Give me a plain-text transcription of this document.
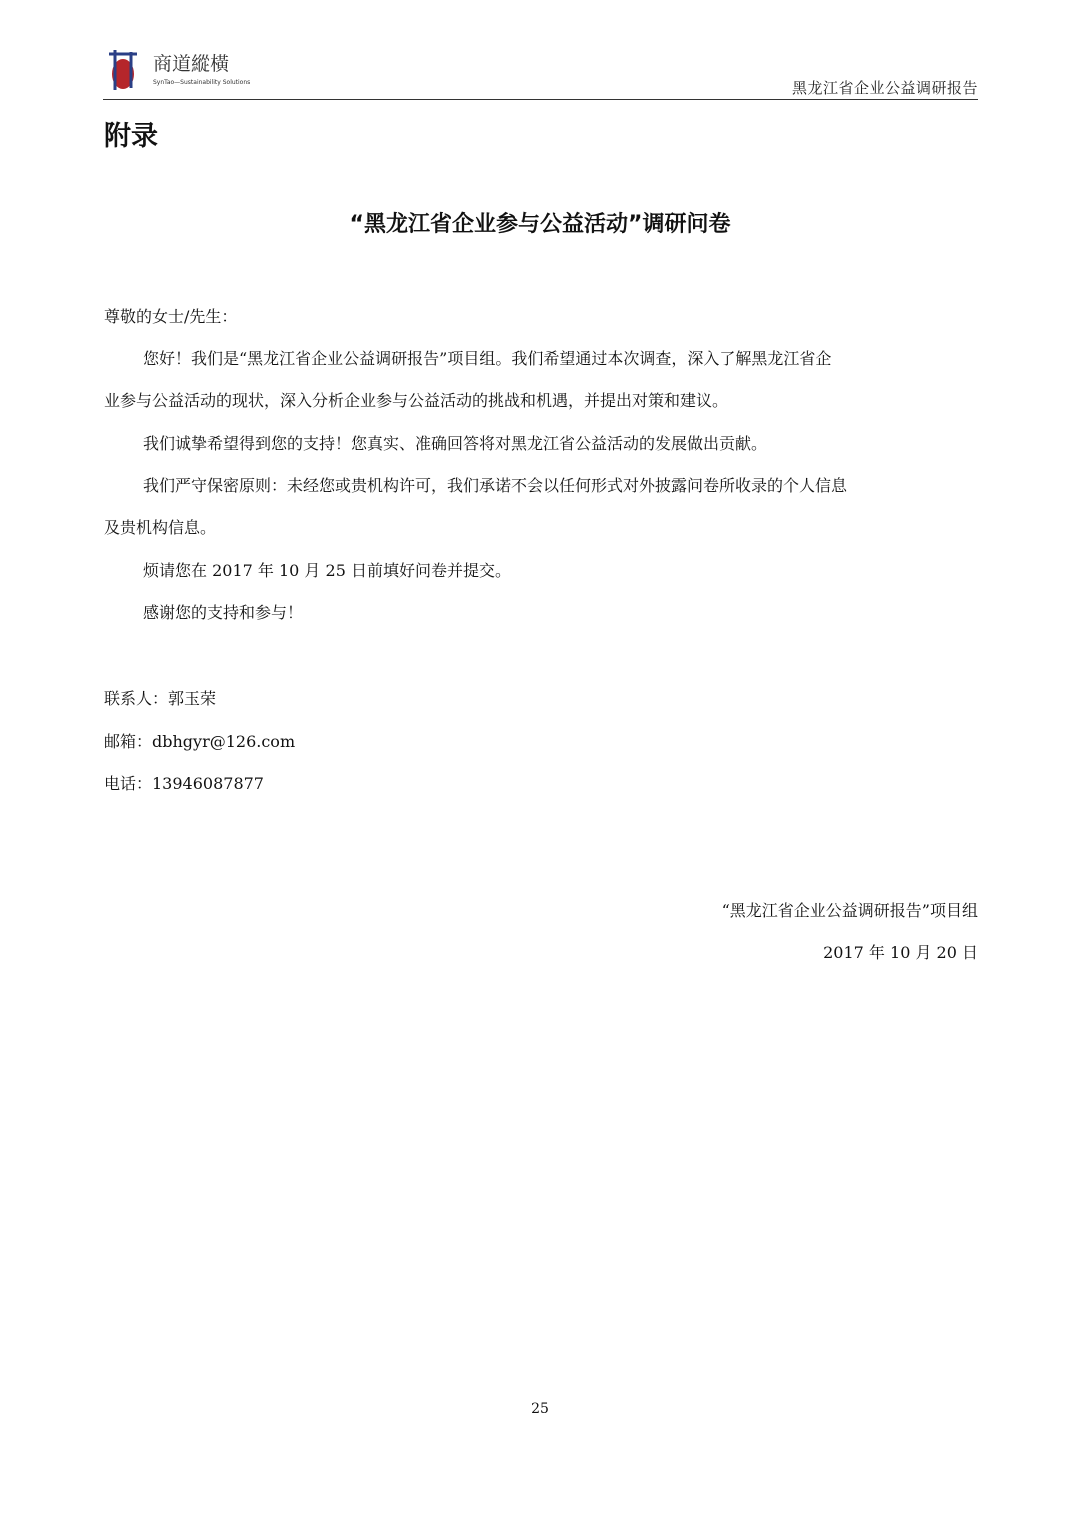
商道縱橫
SynTao—Sustainability Solutions	黑龙江省企业公益调研报告
附录
“黑龙江省企业参与公益活动”调研问卷
尊敬的女士/先生：
您好！我们是“黑龙江省企业公益调研报告”项目组。我们希望通过本次调查，深入了解黑龙江省企
业参与公益活动的现状，深入分析企业参与公益活动的挑战和机遇，并提出对策和建议。
我们诚挚希望得到您的支持！您真实、准确回答将对黑龙江省公益活动的发展做出贡献。
我们严守保密原则：未经您或贵机构许可，我们承诺不会以任何形式对外披露问卷所收录的个人信息
及贵机构信息。
烦请您在 2017 年 10 月 25 日前填好问卷并提交。
感谢您的支持和参与！
联系人：郭玉荣
邮箱：dbhgyr@126.com
电话：13946087877
“黑龙江省企业公益调研报告”项目组
2017 年 10 月 20 日
25
